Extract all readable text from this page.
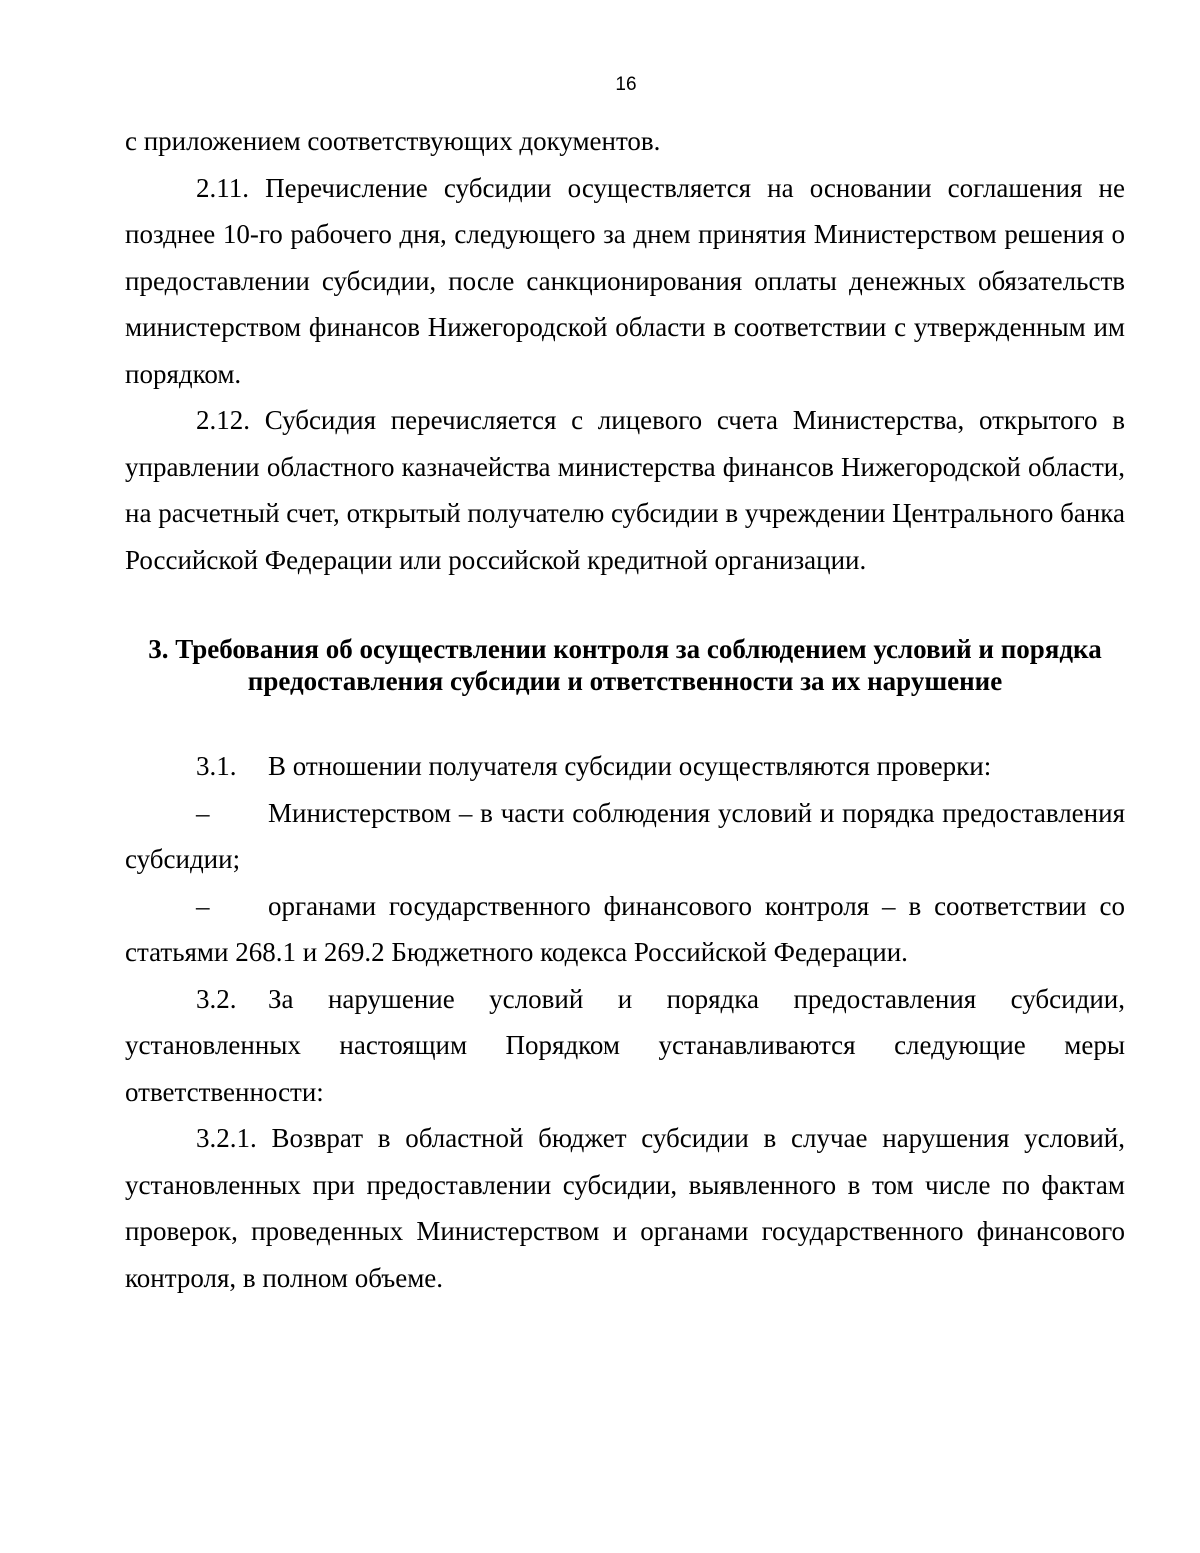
16

с приложением соответствующих документов.

2.11. Перечисление субсидии осуществляется на основании соглашения не позднее 10-го рабочего дня, следующего за днем принятия Министерством решения о предоставлении субсидии, после санкционирования оплаты денежных обязательств министерством финансов Нижегородской области в соответствии с утвержденным им порядком.

2.12. Субсидия перечисляется с лицевого счета Министерства, открытого в управлении областного казначейства министерства финансов Нижегородской области, на расчетный счет, открытый получателю субсидии в учреждении Центрального банка Российской Федерации или российской кредитной организации.

3. Требования об осуществлении контроля за соблюдением условий и порядка
предоставления субсидии и ответственности за их нарушение

3.1. В отношении получателя субсидии осуществляются проверки:

– Министерством – в части соблюдения условий и порядка предоставления субсидии;

– органами государственного финансового контроля – в соответствии со статьями 268.1 и 269.2 Бюджетного кодекса Российской Федерации.

3.2. За нарушение условий и порядка предоставления субсидии, установленных настоящим Порядком устанавливаются следующие меры ответственности:

3.2.1. Возврат в областной бюджет субсидии в случае нарушения условий, установленных при предоставлении субсидии, выявленного в том числе по фактам проверок, проведенных Министерством и органами государственного финансового контроля, в полном объеме.
